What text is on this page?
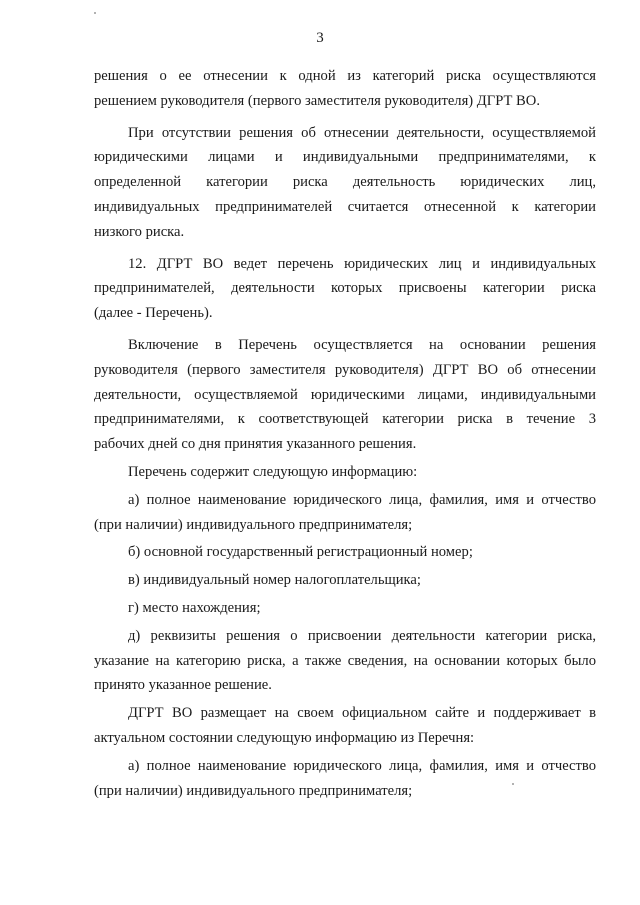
3
решения о ее отнесении к одной из категорий риска осуществляются
решением руководителя (первого заместителя руководителя) ДГРТ ВО.
При отсутствии решения об отнесении деятельности, осуществляемой
юридическими лицами и индивидуальными предпринимателями, к
определенной категории риска деятельность юридических лиц,
индивидуальных предпринимателей считается отнесенной к категории
низкого риска.
12. ДГРТ ВО ведет перечень юридических лиц и индивидуальных
предпринимателей, деятельности которых присвоены категории риска
(далее - Перечень).
Включение в Перечень осуществляется на основании решения
руководителя (первого заместителя руководителя) ДГРТ ВО об отнесении
деятельности, осуществляемой юридическими лицами, индивидуальными
предпринимателями, к соответствующей категории риска в течение 3
рабочих дней со дня принятия указанного решения.
Перечень содержит следующую информацию:
а) полное наименование юридического лица, фамилия, имя и отчество
(при наличии) индивидуального предпринимателя;
б) основной государственный регистрационный номер;
в) индивидуальный номер налогоплательщика;
г) место нахождения;
д) реквизиты решения о присвоении деятельности категории риска,
указание на категорию риска, а также сведения, на основании которых было
принято указанное решение.
ДГРТ ВО размещает на своем официальном сайте и поддерживает в
актуальном состоянии следующую информацию из Перечня:
а) полное наименование юридического лица, фамилия, имя и отчество
(при наличии) индивидуального предпринимателя;
